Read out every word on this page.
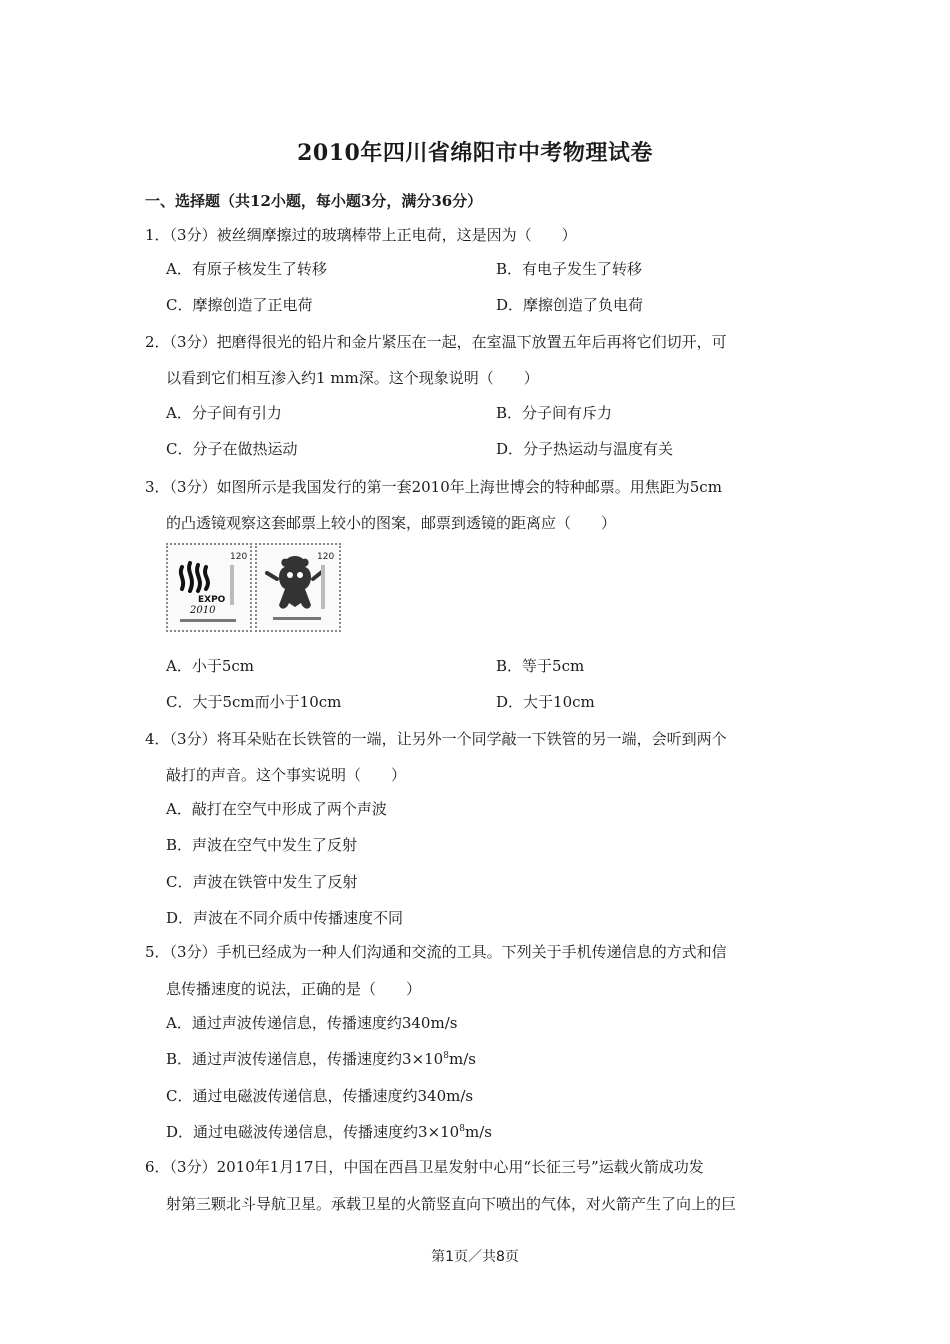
2010年四川省绵阳市中考物理试卷
一、选择题（共12小题，每小题3分，满分36分）
1．（3分）被丝绸摩擦过的玻璃棒带上正电荷，这是因为（　　）
A．有原子核发生了转移	B．有电子发生了转移
C．摩擦创造了正电荷	D．摩擦创造了负电荷
2．（3分）把磨得很光的铅片和金片紧压在一起，在室温下放置五年后再将它们切开，可
以看到它们相互渗入约1 mm深。这个现象说明（　　）
A．分子间有引力	B．分子间有斥力
C．分子在做热运动	D．分子热运动与温度有关
3．（3分）如图所示是我国发行的第一套2010年上海世博会的特种邮票。用焦距为5cm
的凸透镜观察这套邮票上较小的图案，邮票到透镜的距离应（　　）
120
EXPO
2010
120
A．小于5cm	B．等于5cm
C．大于5cm而小于10cm	D．大于10cm
4．（3分）将耳朵贴在长铁管的一端，让另外一个同学敲一下铁管的另一端，会听到两个
敲打的声音。这个事实说明（　　）
A．敲打在空气中形成了两个声波
B．声波在空气中发生了反射
C．声波在铁管中发生了反射
D．声波在不同介质中传播速度不同
5．（3分）手机已经成为一种人们沟通和交流的工具。下列关于手机传递信息的方式和信
息传播速度的说法，正确的是（　　）
A．通过声波传递信息，传播速度约340m/s
B．通过声波传递信息，传播速度约$3\times 10^8m/s$
C．通过电磁波传递信息，传播速度约340m/s
D．通过电磁波传递信息，传播速度约$3\times 10^8m/s$
6．（3分）2010年1月17日，中国在西昌卫星发射中心用“长征三号”运载火箭成功发
射第三颗北斗导航卫星。承载卫星的火箭竖直向下喷出的气体，对火箭产生了向上的巨
第1页／共8页
